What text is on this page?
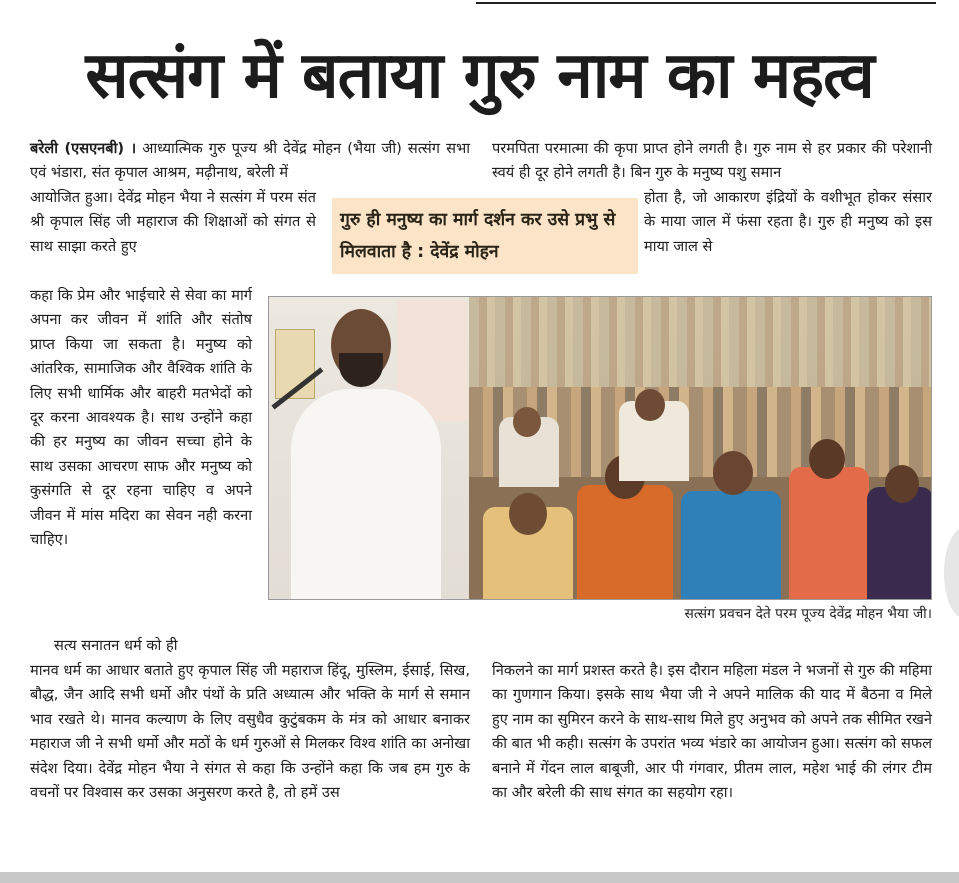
सत्संग में बताया गुरु नाम का महत्व
बरेली (एसएनबी) । आध्यात्मिक गुरु पूज्य श्री देवेंद्र मोहन (भैया जी) सत्संग सभा एवं भंडारा, संत कृपाल आश्रम, मढ़ीनाथ, बरेली में
आयोजित हुआ। देवेंद्र मोहन भैया ने सत्संग में परम संत श्री कृपाल सिंह जी महाराज की शिक्षाओं को संगत से साथ साझा करते हुए
कहा कि प्रेम और भाईचारे से सेवा का मार्ग अपना कर जीवन में शांति और संतोष प्राप्त किया जा सकता है। मनुष्य को आंतरिक, सामाजिक और वैश्विक शांति के लिए सभी धार्मिक और बाहरी मतभेदों को दूर करना आवश्यक है। साथ उन्होंने कहा की हर मनुष्य का जीवन सच्चा होने के साथ उसका आचरण साफ और मनुष्य को कुसंगति से दूर रहना चाहिए व अपने जीवन में मांस मदिरा का सेवन नही करना चाहिए।
सत्य सनातन धर्म को ही
परमपिता परमात्मा की कृपा प्राप्त होने लगती है। गुरु नाम से हर प्रकार की परेशानी स्वयं ही दूर होने लगती है। बिन गुरु के मनुष्य पशु समान
होता है, जो आकारण इंद्रियों के वशीभूत होकर संसार के माया जाल में फंसा रहता है। गुरु ही मनुष्य को इस माया जाल से
गुरु ही मनुष्य का मार्ग दर्शन कर उसे प्रभु से मिलवाता है : देवेंद्र मोहन
सत्संग प्रवचन देते परम पूज्य देवेंद्र मोहन भैया जी।
मानव धर्म का आधार बताते हुए कृपाल सिंह जी महाराज हिंदू, मुस्लिम, ईसाई, सिख, बौद्ध, जैन आदि सभी धर्मो और पंथों के प्रति अध्यात्म और भक्ति के मार्ग से समान भाव रखते थे। मानव कल्याण के लिए वसुधैव कुटुंबकम के मंत्र को आधार बनाकर महाराज जी ने सभी धर्मो और मठों के धर्म गुरुओं से मिलकर विश्व शांति का अनोखा संदेश दिया। देवेंद्र मोहन भैया ने संगत से कहा कि उन्होंने कहा कि जब हम गुरु के वचनों पर विश्वास कर उसका अनुसरण करते है, तो हमें उस
निकलने का मार्ग प्रशस्त करते है। इस दौरान महिला मंडल ने भजनों से गुरु की महिमा का गुणगान किया। इसके साथ भैया जी ने अपने मालिक की याद में बैठना व मिले हुए नाम का सुमिरन करने के साथ-साथ मिले हुए अनुभव को अपने तक सीमित रखने की बात भी कही। सत्संग के उपरांत भव्य भंडारे का आयोजन हुआ। सत्संग को सफल बनाने में गेंदन लाल बाबूजी, आर पी गंगवार, प्रीतम लाल, महेश भाई की लंगर टीम का और बरेली की साध संगत का सहयोग रहा।
